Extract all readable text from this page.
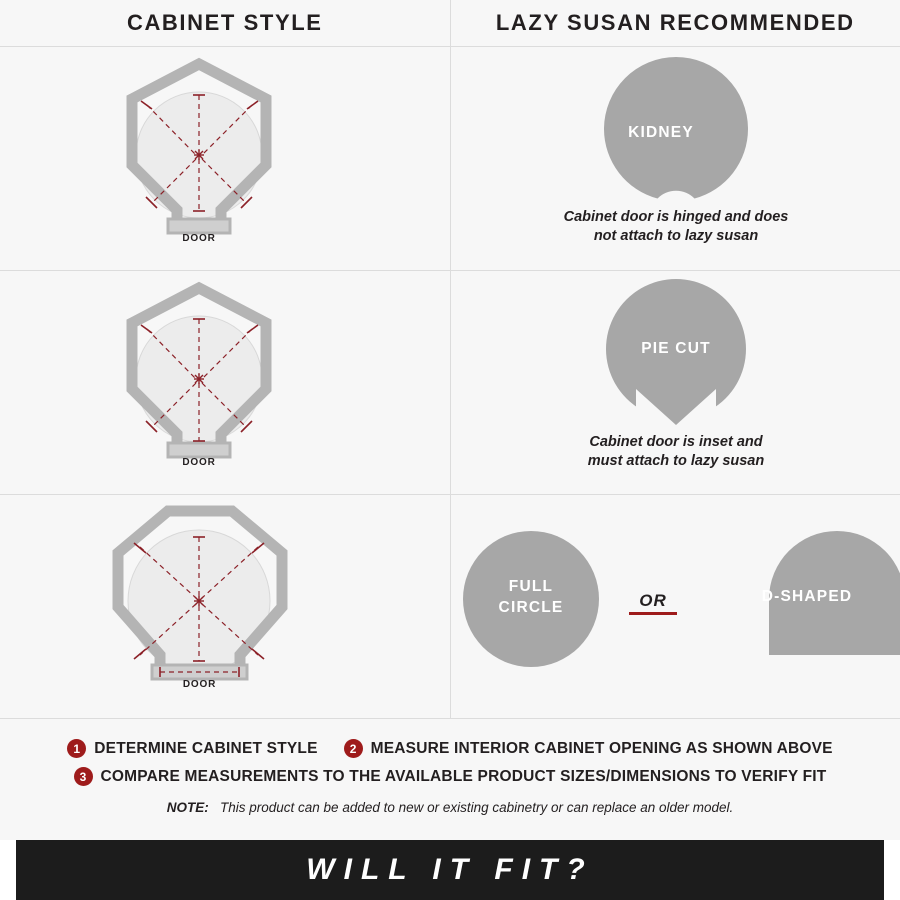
CABINET STYLE	LAZY SUSAN RECOMMENDED
DOOR
KIDNEY
Cabinet door is hinged and does
not attach to lazy susan
DOOR
PIE CUT
Cabinet door is inset and
must attach to lazy susan
DOOR
FULL
CIRCLE	OR	D-SHAPED
1 DETERMINE CABINET STYLE	2 MEASURE INTERIOR CABINET OPENING AS SHOWN ABOVE
3 COMPARE MEASUREMENTS TO THE AVAILABLE PRODUCT SIZES/DIMENSIONS TO VERIFY FIT
NOTE: This product can be added to new or existing cabinetry or can replace an older model.
WILL IT FIT?
